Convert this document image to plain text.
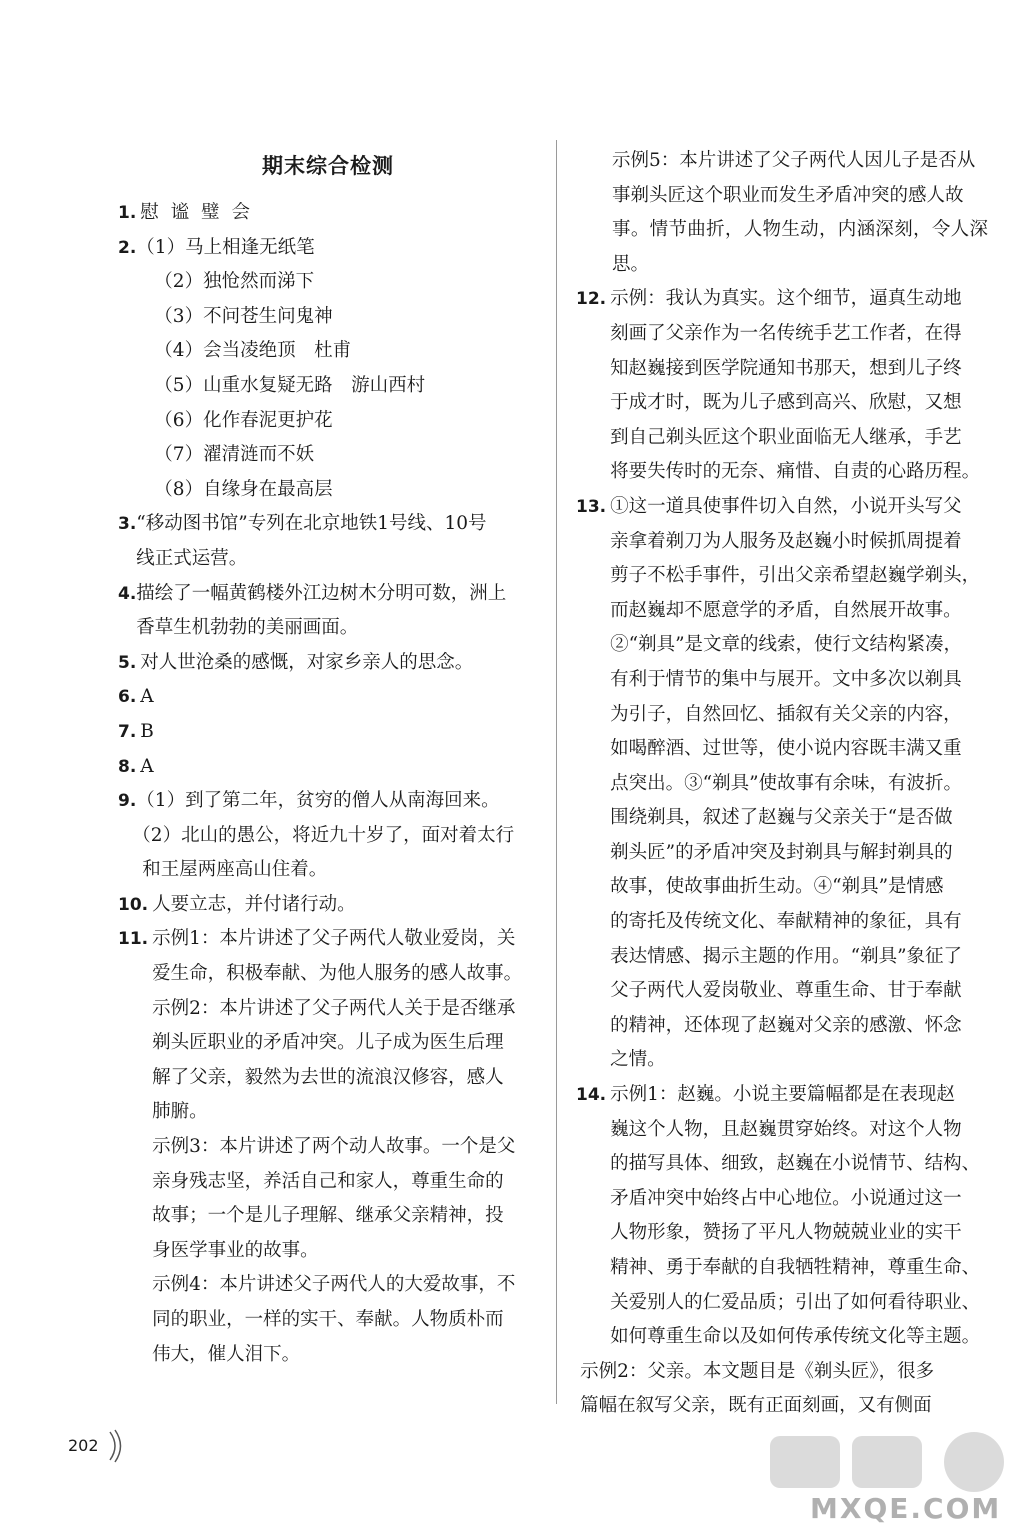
期末综合检测
1. 慰 谧 璧 会
2. （1）马上相逢无纸笔
（2）独怆然而涕下
（3）不问苍生问鬼神
（4）会当凌绝顶　杜甫
（5）山重水复疑无路　游山西村
（6）化作春泥更护花
（7）濯清涟而不妖
（8）自缘身在最高层
3. “移动图书馆”专列在北京地铁1号线、10号
线正式运营。
4. 描绘了一幅黄鹤楼外江边树木分明可数，洲上
香草生机勃勃的美丽画面。
5. 对人世沧桑的感慨，对家乡亲人的思念。
6. A
7. B
8. A
9. （1）到了第二年，贫穷的僧人从南海回来。
（2）北山的愚公，将近九十岁了，面对着太行
和王屋两座高山住着。
10. 人要立志，并付诸行动。
11. 示例1：本片讲述了父子两代人敬业爱岗，关
爱生命，积极奉献、为他人服务的感人故事。
示例2：本片讲述了父子两代人关于是否继承
剃头匠职业的矛盾冲突。儿子成为医生后理
解了父亲，毅然为去世的流浪汉修容，感人
肺腑。
示例3：本片讲述了两个动人故事。一个是父
亲身残志坚，养活自己和家人，尊重生命的
故事；一个是儿子理解、继承父亲精神，投
身医学事业的故事。
示例4：本片讲述父子两代人的大爱故事，不
同的职业，一样的实干、奉献。人物质朴而
伟大，催人泪下。
示例5：本片讲述了父子两代人因儿子是否从
事剃头匠这个职业而发生矛盾冲突的感人故
事。情节曲折，人物生动，内涵深刻，令人深思。
12. 示例：我认为真实。这个细节，逼真生动地
刻画了父亲作为一名传统手艺工作者，在得
知赵巍接到医学院通知书那天，想到儿子终
于成才时，既为儿子感到高兴、欣慰，又想
到自己剃头匠这个职业面临无人继承，手艺
将要失传时的无奈、痛惜、自责的心路历程。
13. ①这一道具使事件切入自然，小说开头写父
亲拿着剃刀为人服务及赵巍小时候抓周提着
剪子不松手事件，引出父亲希望赵巍学剃头，
而赵巍却不愿意学的矛盾，自然展开故事。
②“剃具”是文章的线索，使行文结构紧凑，
有利于情节的集中与展开。文中多次以剃具
为引子，自然回忆、插叙有关父亲的内容，
如喝醉酒、过世等，使小说内容既丰满又重
点突出。③“剃具”使故事有余味，有波折。
围绕剃具，叙述了赵巍与父亲关于“是否做
剃头匠”的矛盾冲突及封剃具与解封剃具的
故事，使故事曲折生动。④“剃具”是情感
的寄托及传统文化、奉献精神的象征，具有
表达情感、揭示主题的作用。“剃具”象征了
父子两代人爱岗敬业、尊重生命、甘于奉献
的精神，还体现了赵巍对父亲的感激、怀念
之情。
14. 示例1：赵巍。小说主要篇幅都是在表现赵
巍这个人物，且赵巍贯穿始终。对这个人物
的描写具体、细致，赵巍在小说情节、结构、
矛盾冲突中始终占中心地位。小说通过这一
人物形象，赞扬了平凡人物兢兢业业的实干
精神、勇于奉献的自我牺牲精神，尊重生命、
关爱别人的仁爱品质；引出了如何看待职业、
如何尊重生命以及如何传承传统文化等主题。
示例2：父亲。本文题目是《剃头匠》，很多
篇幅在叙写父亲，既有正面刻画，又有侧面
202
MXQE.COM
